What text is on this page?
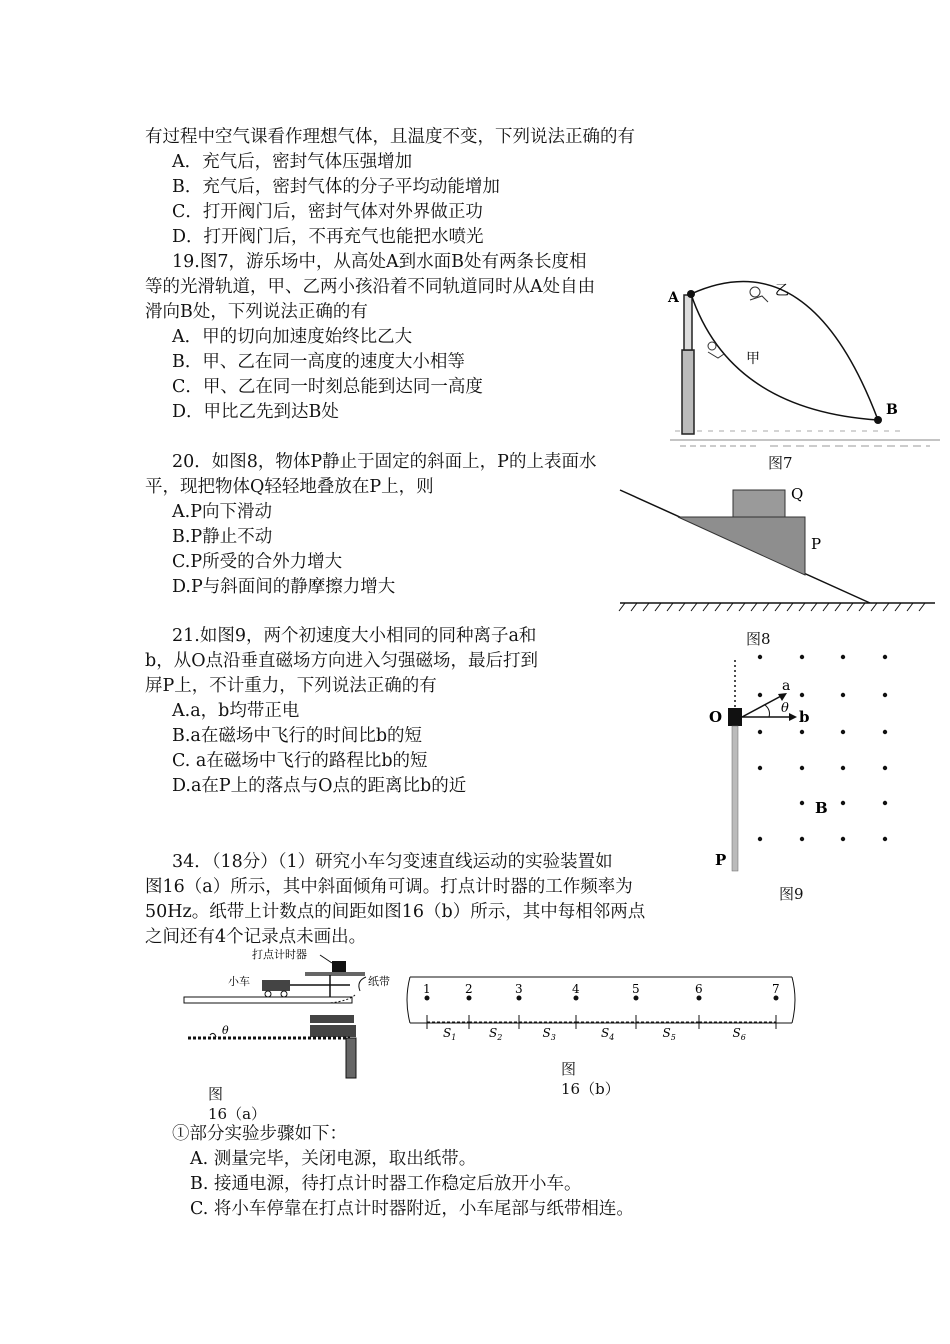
有过程中空气课看作理想气体，且温度不变，下列说法正确的有
A．充气后，密封气体压强增加
B．充气后，密封气体的分子平均动能增加
C．打开阀门后，密封气体对外界做正功
D．打开阀门后，不再充气也能把水喷光
19.图7，游乐场中，从高处A到水面B处有两条长度相
等的光滑轨道，甲、乙两小孩沿着不同轨道同时从A处自由
滑向B处，下列说法正确的有
A．甲的切向加速度始终比乙大
B．甲、乙在同一高度的速度大小相等
C．甲、乙在同一时刻总能到达同一高度
D．甲比乙先到达B处
A
B
乙
甲
图7
20．如图8，物体P静止于固定的斜面上，P的上表面水
平，现把物体Q轻轻地叠放在P上，则
A.P向下滑动
B.P静止不动
C.P所受的合外力增大
D.P与斜面间的静摩擦力增大
Q
P
图8
21.如图9，两个初速度大小相同的同种离子a和
b，从O点沿垂直磁场方向进入匀强磁场，最后打到
屏P上，不计重力，下列说法正确的有
A.a，b均带正电
B.a在磁场中飞行的时间比b的短
C. a在磁场中飞行的路程比b的短
D.a在P上的落点与O点的距离比b的近
O
a
b
θ
B
P
图9
34．（18分）（1）研究小车匀变速直线运动的实验装置如
图16（a）所示，其中斜面倾角可调。打点计时器的工作频率为
50Hz。纸带上计数点的间距如图16（b）所示，其中每相邻两点
之间还有4个记录点未画出。
打点计时器
小车	纸带
θ
图
16（a）
1	2	3	4	5	6	7
$S_1$	$S_2$	$S_3$	$S_4$	$S_5$	$S_6$
图
16（b）
①部分实验步骤如下：
A. 测量完毕，关闭电源，取出纸带。
B. 接通电源，待打点计时器工作稳定后放开小车。
C. 将小车停靠在打点计时器附近，小车尾部与纸带相连。
